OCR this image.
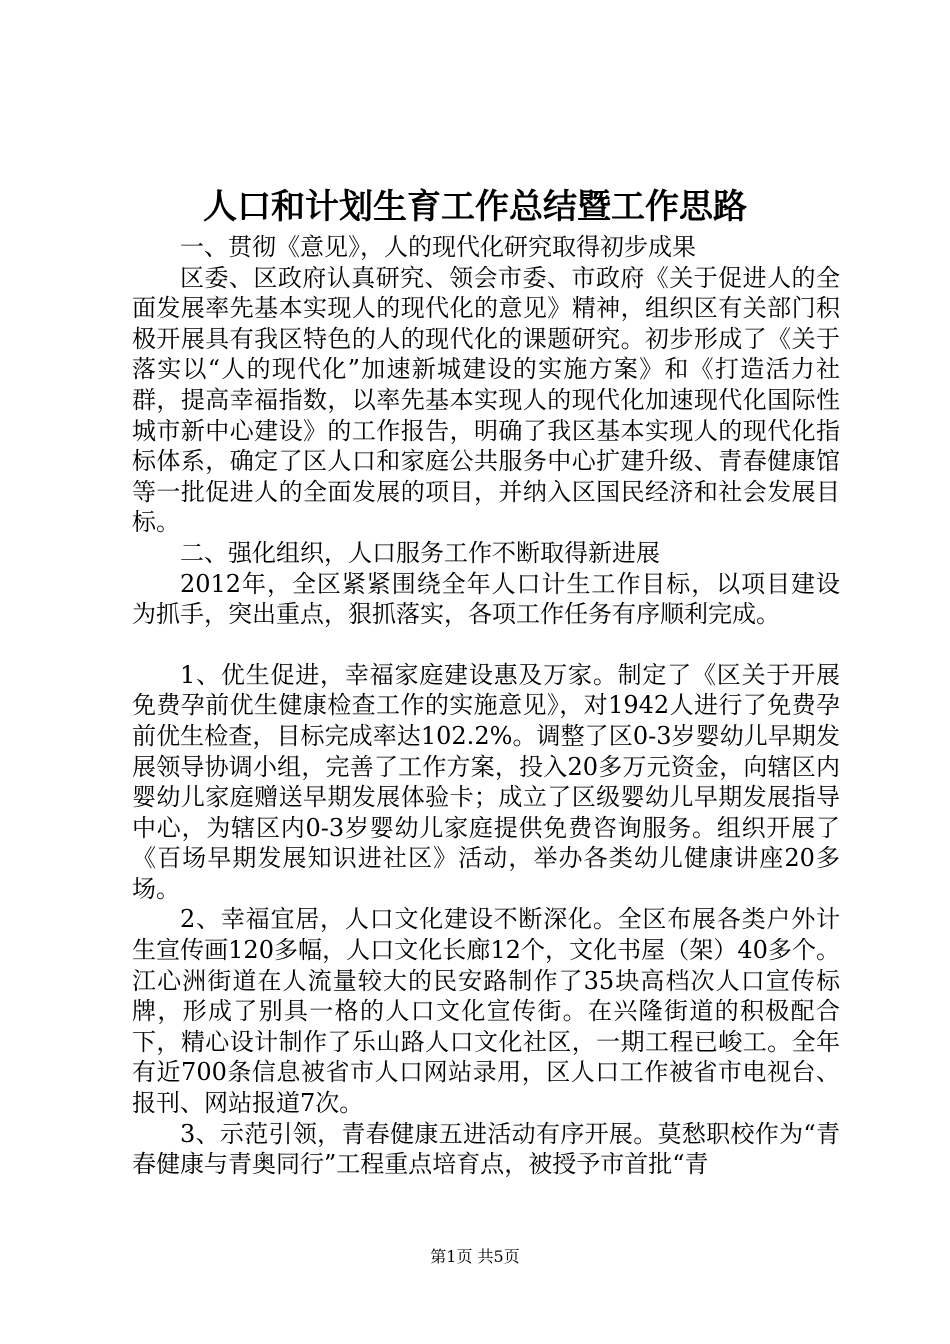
人口和计划生育工作总结暨工作思路

一、贯彻《意见》，人的现代化研究取得初步成果

区委、区政府认真研究、领会市委、市政府《关于促进人的全面发展率先基本实现人的现代化的意见》精神，组织区有关部门积极开展具有我区特色的人的现代化的课题研究。初步形成了《关于落实以“人的现代化”加速新城建设的实施方案》和《打造活力社群，提高幸福指数，以率先基本实现人的现代化加速现代化国际性城市新中心建设》的工作报告，明确了我区基本实现人的现代化指标体系，确定了区人口和家庭公共服务中心扩建升级、青春健康馆等一批促进人的全面发展的项目，并纳入区国民经济和社会发展目标。

二、强化组织，人口服务工作不断取得新进展

2012年，全区紧紧围绕全年人口计生工作目标，以项目建设为抓手，突出重点，狠抓落实，各项工作任务有序顺利完成。

1、优生促进，幸福家庭建设惠及万家。制定了《区关于开展免费孕前优生健康检查工作的实施意见》，对1942人进行了免费孕前优生检查，目标完成率达102.2%。调整了区0-3岁婴幼儿早期发展领导协调小组，完善了工作方案，投入20多万元资金，向辖区内婴幼儿家庭赠送早期发展体验卡；成立了区级婴幼儿早期发展指导中心，为辖区内0-3岁婴幼儿家庭提供免费咨询服务。组织开展了《百场早期发展知识进社区》活动，举办各类幼儿健康讲座20多场。

2、幸福宜居，人口文化建设不断深化。全区布展各类户外计生宣传画120多幅，人口文化长廊12个，文化书屋（架）40多个。江心洲街道在人流量较大的民安路制作了35块高档次人口宣传标牌，形成了别具一格的人口文化宣传街。在兴隆街道的积极配合下，精心设计制作了乐山路人口文化社区，一期工程已峻工。全年有近700条信息被省市人口网站录用，区人口工作被省市电视台、报刊、网站报道7次。

3、示范引领，青春健康五进活动有序开展。莫愁职校作为“青春健康与青奥同行”工程重点培育点，被授予市首批“青

第1页 共5页
